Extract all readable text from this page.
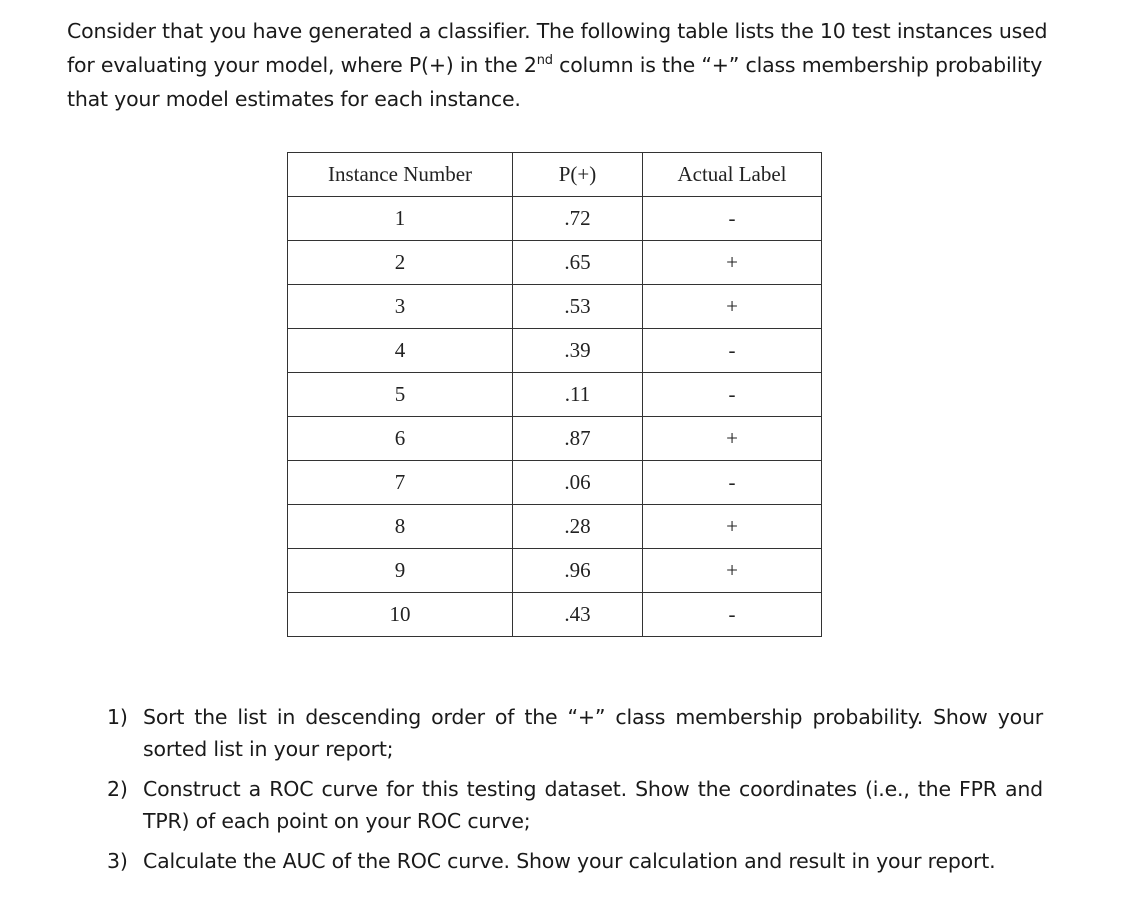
Consider that you have generated a classifier. The following table lists the 10 test instances used for evaluating your model, where P(+) in the 2nd column is the “+” class membership probability that your model estimates for each instance.

Instance Number	P(+)	Actual Label
1	.72	-
2	.65	+
3	.53	+
4	.39	-
5	.11	-
6	.87	+
7	.06	-
8	.28	+
9	.96	+
10	.43	-
1) Sort the list in descending order of the “+” class membership probability. Show your sorted list in your report;
2) Construct a ROC curve for this testing dataset. Show the coordinates (i.e., the FPR and TPR) of each point on your ROC curve;
3) Calculate the AUC of the ROC curve. Show your calculation and result in your report.
